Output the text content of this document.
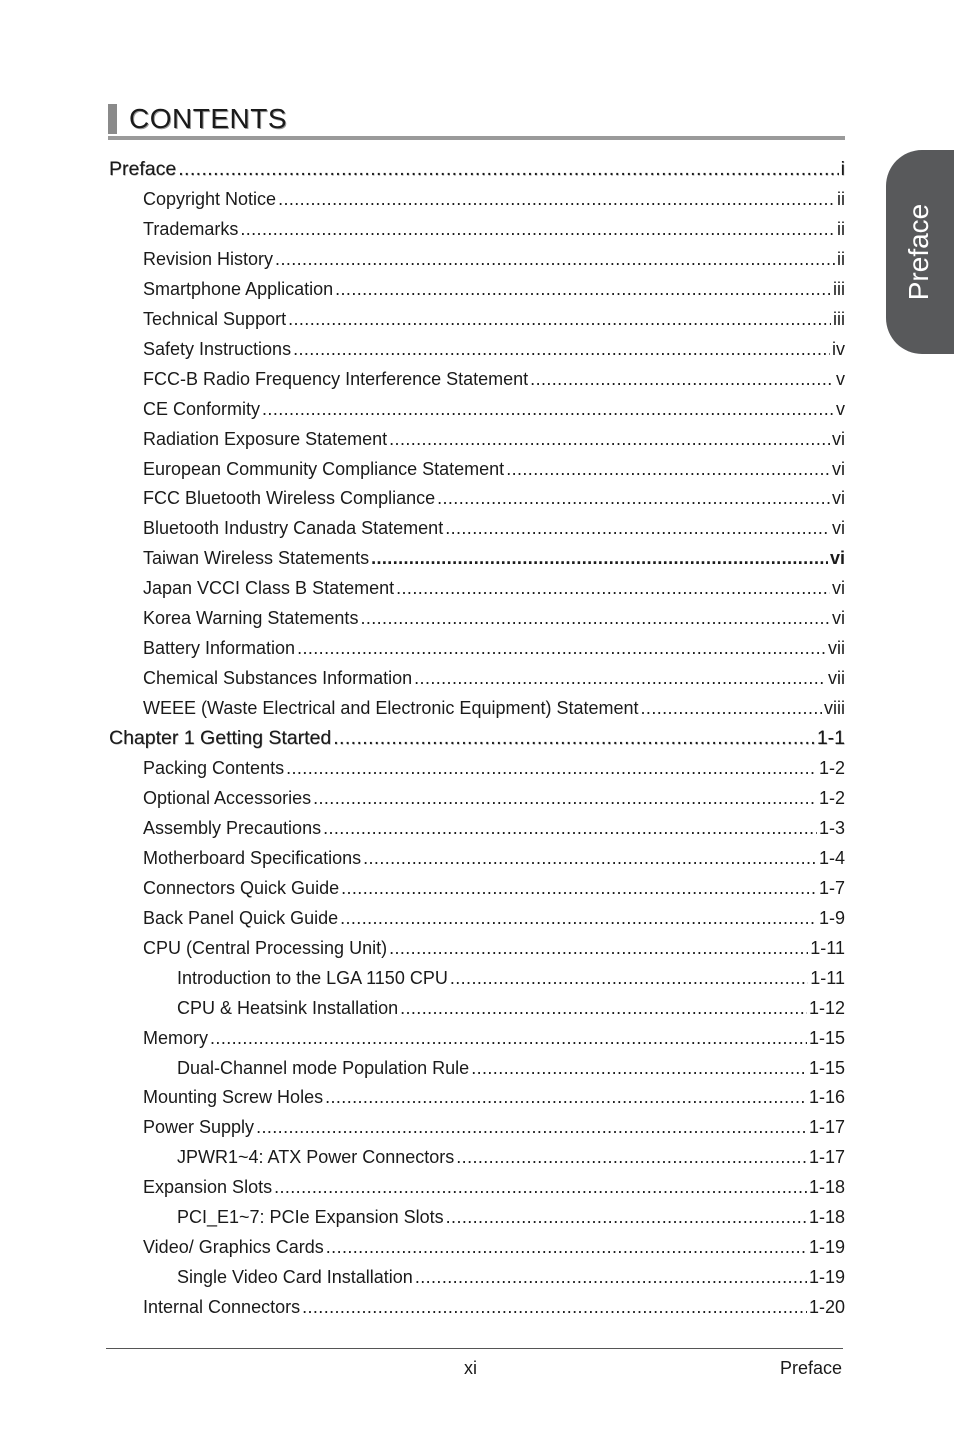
CONTENTS
Preface
Preface .....	i
Copyright Notice .....	ii
Trademarks .....	ii
Revision History .....	ii
Smartphone Application .....	iii
Technical Support .....	iii
Safety Instructions .....	iv
FCC-B Radio Frequency Interference Statement .....	v
CE Conformity .....	v
Radiation Exposure Statement .....	vi
European Community Compliance Statement .....	vi
FCC Bluetooth Wireless Compliance .....	vi
Bluetooth Industry Canada Statement .....	vi
Taiwan Wireless Statements .....	vi
Japan VCCI Class B Statement .....	vi
Korea Warning Statements .....	vi
Battery Information .....	vii
Chemical Substances Information .....	vii
WEEE (Waste Electrical and Electronic Equipment) Statement .....	viii
Chapter 1 Getting Started .....	1-1
Packing Contents .....	1-2
Optional Accessories .....	1-2
Assembly Precautions .....	1-3
Motherboard Specifications .....	1-4
Connectors Quick Guide .....	1-7
Back Panel Quick Guide .....	1-9
CPU (Central Processing Unit) .....	1-11
Introduction to the LGA 1150 CPU .....	1-11
CPU & Heatsink Installation .....	1-12
Memory .....	1-15
Dual-Channel mode Population Rule .....	1-15
Mounting Screw Holes .....	1-16
Power Supply .....	1-17
JPWR1~4: ATX Power Connectors .....	1-17
Expansion Slots .....	1-18
PCI_E1~7: PCIe Expansion Slots .....	1-18
Video/ Graphics Cards .....	1-19
Single Video Card Installation .....	1-19
Internal Connectors .....	1-20
xi	Preface
